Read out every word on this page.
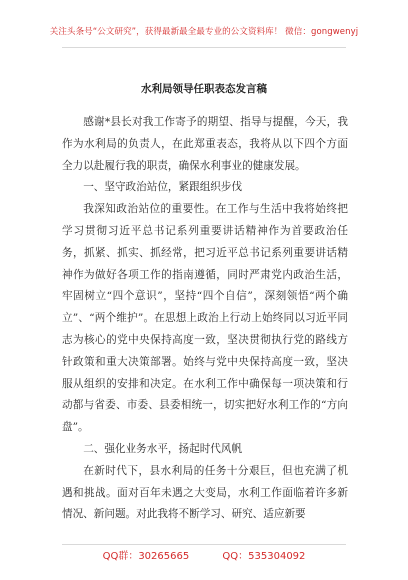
关注头条号“公文研究”，获得最新最全最专业的公文资料库！ 微信：gongwenyj
水利局领导任职表态发言稿

感谢*县长对我工作寄予的期望、指导与提醒，今天，我作为水利局的负责人，在此郑重表态，我将从以下四个方面全力以赴履行我的职责，确保水利事业的健康发展。

一、坚守政治站位，紧跟组织步伐

我深知政治站位的重要性。在工作与生活中我将始终把学习贯彻习近平总书记系列重要讲话精神作为首要政治任务，抓紧、抓实、抓经常，把习近平总书记系列重要讲话精神作为做好各项工作的指南遵循，同时严肃党内政治生活，牢固树立“四个意识”，坚持“四个自信”，深刻领悟“两个确立”、“两个维护”。在思想上政治上行动上始终同以习近平同志为核心的党中央保持高度一致，坚决贯彻执行党的路线方针政策和重大决策部署。始终与党中央保持高度一致，坚决服从组织的安排和决定。在水利工作中确保每一项决策和行动都与省委、市委、县委相统一，切实把好水利工作的“方向盘”。

二、强化业务水平，扬起时代风帆

在新时代下，县水利局的任务十分艰巨，但也充满了机遇和挑战。面对百年未遇之大变局，水利工作面临着许多新情况、新问题。对此我将不断学习、研究、适应新要

QQ群：30265665	QQ：535304092
